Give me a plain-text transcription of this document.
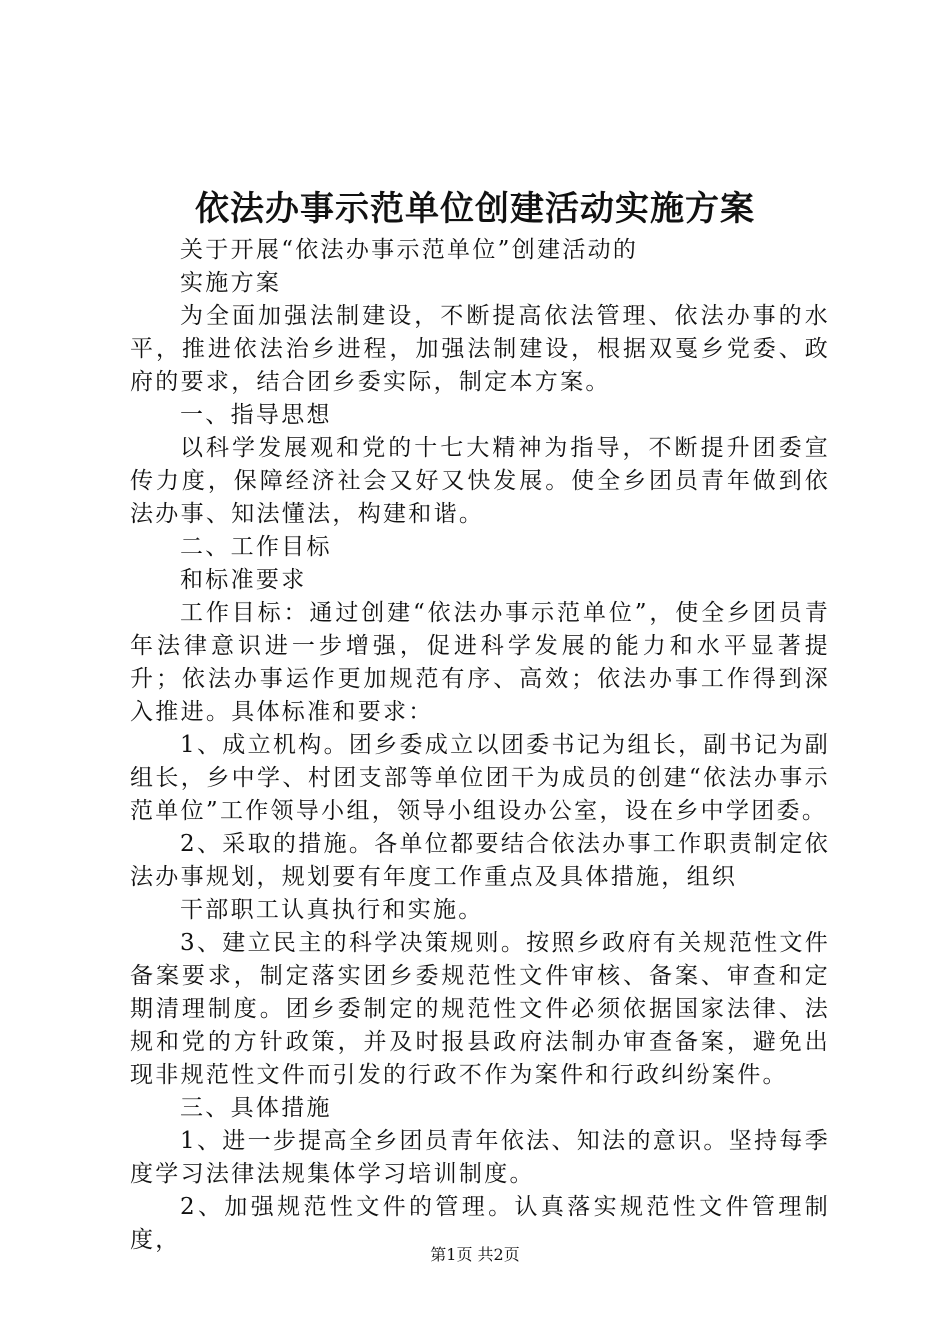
依法办事示范单位创建活动实施方案

关于开展“依法办事示范单位”创建活动的

实施方案

为全面加强法制建设，不断提高依法管理、依法办事的水平，推进依法治乡进程，加强法制建设，根据双戛乡党委、政府的要求，结合团乡委实际，制定本方案。

一、指导思想

以科学发展观和党的十七大精神为指导，不断提升团委宣传力度，保障经济社会又好又快发展。使全乡团员青年做到依法办事、知法懂法，构建和谐。

二、工作目标

和标准要求

工作目标：通过创建“依法办事示范单位”，使全乡团员青年法律意识进一步增强，促进科学发展的能力和水平显著提升；依法办事运作更加规范有序、高效；依法办事工作得到深入推进。具体标准和要求：

1、成立机构。团乡委成立以团委书记为组长，副书记为副组长，乡中学、村团支部等单位团干为成员的创建“依法办事示范单位”工作领导小组，领导小组设办公室，设在乡中学团委。

2、采取的措施。各单位都要结合依法办事工作职责制定依法办事规划，规划要有年度工作重点及具体措施，组织

干部职工认真执行和实施。

3、建立民主的科学决策规则。按照乡政府有关规范性文件备案要求，制定落实团乡委规范性文件审核、备案、审查和定期清理制度。团乡委制定的规范性文件必须依据国家法律、法规和党的方针政策，并及时报县政府法制办审查备案，避免出现非规范性文件而引发的行政不作为案件和行政纠纷案件。

三、具体措施

1、进一步提高全乡团员青年依法、知法的意识。坚持每季度学习法律法规集体学习培训制度。

2、加强规范性文件的管理。认真落实规范性文件管理制度，

第1页 共2页
